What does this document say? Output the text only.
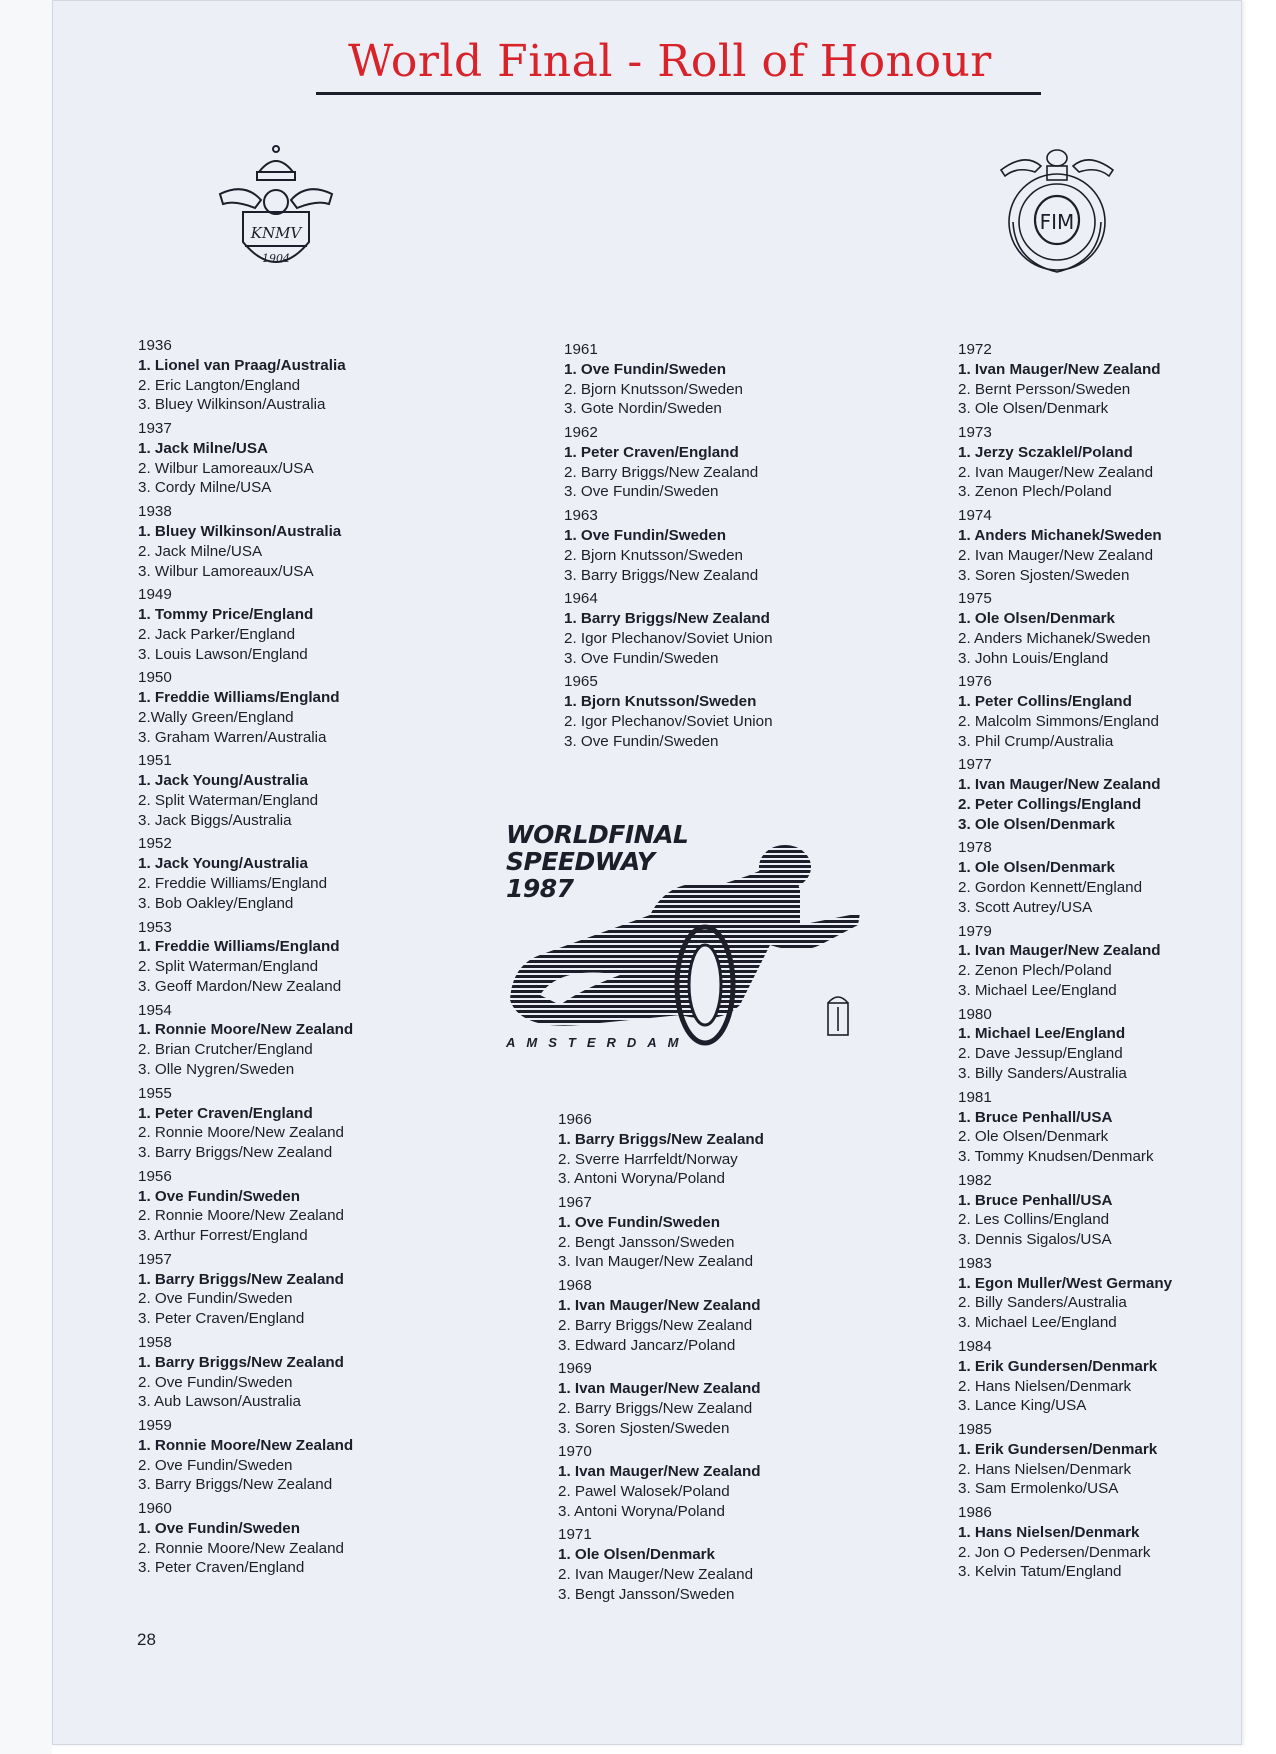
World Final - Roll of Honour
KNMV
1904
FIM
1936
1. Lionel van Praag/Australia
2. Eric Langton/England
3. Bluey Wilkinson/Australia
1937
1. Jack Milne/USA
2. Wilbur Lamoreaux/USA
3. Cordy Milne/USA
1938
1. Bluey Wilkinson/Australia
2. Jack Milne/USA
3. Wilbur Lamoreaux/USA
1949
1. Tommy Price/England
2. Jack Parker/England
3. Louis Lawson/England
1950
1. Freddie Williams/England
2.Wally Green/England
3. Graham Warren/Australia
1951
1. Jack Young/Australia
2. Split Waterman/England
3. Jack Biggs/Australia
1952
1. Jack Young/Australia
2. Freddie Williams/England
3. Bob Oakley/England
1953
1. Freddie Williams/England
2. Split Waterman/England
3. Geoff Mardon/New Zealand
1954
1. Ronnie Moore/New Zealand
2. Brian Crutcher/England
3. Olle Nygren/Sweden
1955
1. Peter Craven/England
2. Ronnie Moore/New Zealand
3. Barry Briggs/New Zealand
1956
1. Ove Fundin/Sweden
2. Ronnie Moore/New Zealand
3. Arthur Forrest/England
1957
1. Barry Briggs/New Zealand
2. Ove Fundin/Sweden
3. Peter Craven/England
1958
1. Barry Briggs/New Zealand
2. Ove Fundin/Sweden
3. Aub Lawson/Australia
1959
1. Ronnie Moore/New Zealand
2. Ove Fundin/Sweden
3. Barry Briggs/New Zealand
1960
1. Ove Fundin/Sweden
2. Ronnie Moore/New Zealand
3. Peter Craven/England
1961
1. Ove Fundin/Sweden
2. Bjorn Knutsson/Sweden
3. Gote Nordin/Sweden
1962
1. Peter Craven/England
2. Barry Briggs/New Zealand
3. Ove Fundin/Sweden
1963
1. Ove Fundin/Sweden
2. Bjorn Knutsson/Sweden
3. Barry Briggs/New Zealand
1964
1. Barry Briggs/New Zealand
2. Igor Plechanov/Soviet Union
3. Ove Fundin/Sweden
1965
1. Bjorn Knutsson/Sweden
2. Igor Plechanov/Soviet Union
3. Ove Fundin/Sweden
1966
1. Barry Briggs/New Zealand
2. Sverre Harrfeldt/Norway
3. Antoni Woryna/Poland
1967
1. Ove Fundin/Sweden
2. Bengt Jansson/Sweden
3. Ivan Mauger/New Zealand
1968
1. Ivan Mauger/New Zealand
2. Barry Briggs/New Zealand
3. Edward Jancarz/Poland
1969
1. Ivan Mauger/New Zealand
2. Barry Briggs/New Zealand
3. Soren Sjosten/Sweden
1970
1. Ivan Mauger/New Zealand
2. Pawel Walosek/Poland
3. Antoni Woryna/Poland
1971
1. Ole Olsen/Denmark
2. Ivan Mauger/New Zealand
3. Bengt Jansson/Sweden
1972
1. Ivan Mauger/New Zealand
2. Bernt Persson/Sweden
3. Ole Olsen/Denmark
1973
1. Jerzy Sczaklel/Poland
2. Ivan Mauger/New Zealand
3. Zenon Plech/Poland
1974
1. Anders Michanek/Sweden
2. Ivan Mauger/New Zealand
3. Soren Sjosten/Sweden
1975
1. Ole Olsen/Denmark
2. Anders Michanek/Sweden
3. John Louis/England
1976
1. Peter Collins/England
2. Malcolm Simmons/England
3. Phil Crump/Australia
1977
1. Ivan Mauger/New Zealand
2. Peter Collings/England
3. Ole Olsen/Denmark
1978
1. Ole Olsen/Denmark
2. Gordon Kennett/England
3. Scott Autrey/USA
1979
1. Ivan Mauger/New Zealand
2. Zenon Plech/Poland
3. Michael Lee/England
1980
1. Michael Lee/England
2. Dave Jessup/England
3. Billy Sanders/Australia
1981
1. Bruce Penhall/USA
2. Ole Olsen/Denmark
3. Tommy Knudsen/Denmark
1982
1. Bruce Penhall/USA
2. Les Collins/England
3. Dennis Sigalos/USA
1983
1. Egon Muller/West Germany
2. Billy Sanders/Australia
3. Michael Lee/England
1984
1. Erik Gundersen/Denmark
2. Hans Nielsen/Denmark
3. Lance King/USA
1985
1. Erik Gundersen/Denmark
2. Hans Nielsen/Denmark
3. Sam Ermolenko/USA
1986
1. Hans Nielsen/Denmark
2. Jon O Pedersen/Denmark
3. Kelvin Tatum/England
WORLDFINAL
SPEEDWAY
1987
AMSTERDAM
28
